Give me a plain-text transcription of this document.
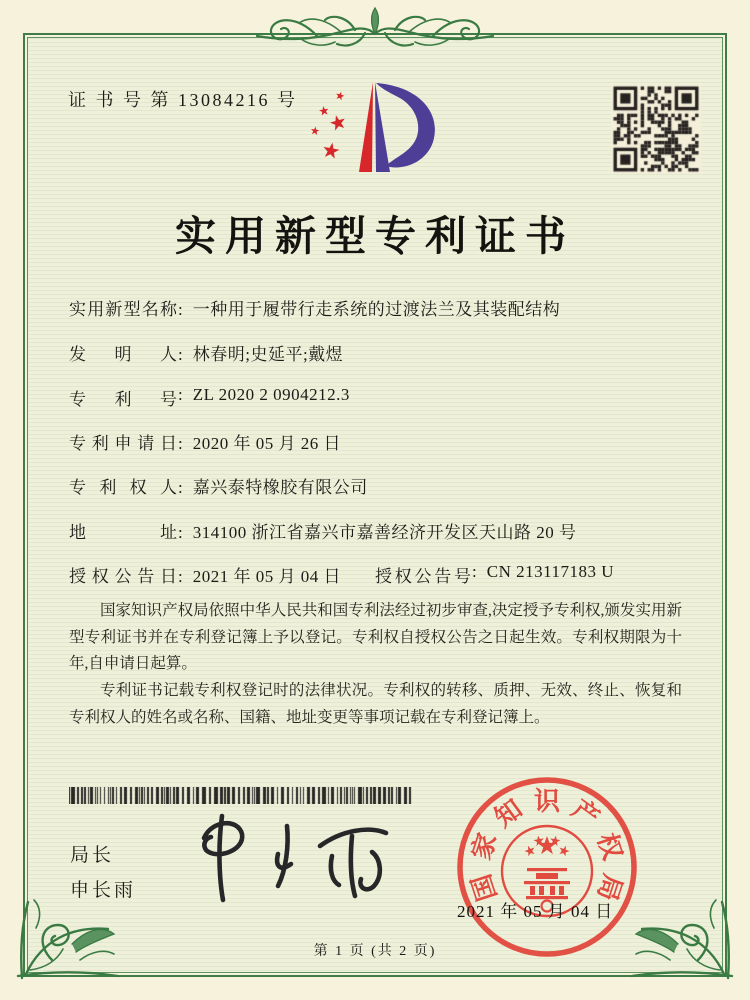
证 书 号 第 13084216 号
实用新型专利证书
实用新型名称: 一种用于履带行走系统的过渡法兰及其装配结构
发明人: 林春明;史延平;戴煜
专利号: ZL 2020 2 0904212.3
专利申请日: 2020 年 05 月 26 日
专利权人: 嘉兴泰特橡胶有限公司
地址: 314100 浙江省嘉兴市嘉善经济开发区天山路 20 号
授权公告日: 2021 年 05 月 04 日 授权公告号: CN 213117183 U

国家知识产权局依照中华人民共和国专利法经过初步审查,决定授予专利权,颁发实用新型专利证书并在专利登记簿上予以登记。专利权自授权公告之日起生效。专利权期限为十年,自申请日起算。

专利证书记载专利权登记时的法律状况。专利权的转移、质押、无效、终止、恢复和专利权人的姓名或名称、国籍、地址变更等事项记载在专利登记簿上。

局长
申长雨	国
家
知 识 产
权
局
2021 年 05 月 04 日
第 1 页 (共 2 页)
